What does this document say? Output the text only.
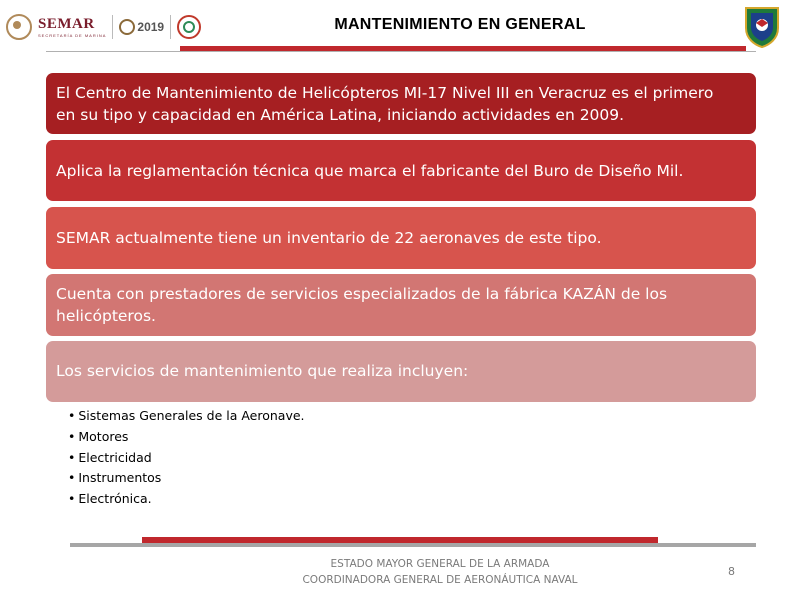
SEMAR
SECRETARÍA DE MARINA
2019	MANTENIMIENTO EN GENERAL
El Centro de Mantenimiento de Helicópteros MI-17 Nivel III en Veracruz es el primero
en su tipo y capacidad en América Latina, iniciando actividades en 2009.
Aplica la reglamentación técnica que marca el fabricante del Buro de Diseño Mil.
SEMAR actualmente tiene un inventario de 22 aeronaves de este tipo.
Cuenta con prestadores de servicios especializados de la fábrica KAZÁN de los
helicópteros.
Los servicios de mantenimiento que realiza incluyen:
• Sistemas Generales de la Aeronave.
• Motores
• Electricidad
• Instrumentos
• Electrónica.
ESTADO MAYOR GENERAL DE LA ARMADA
COORDINADORA GENERAL DE AERONÁUTICA NAVAL
8
